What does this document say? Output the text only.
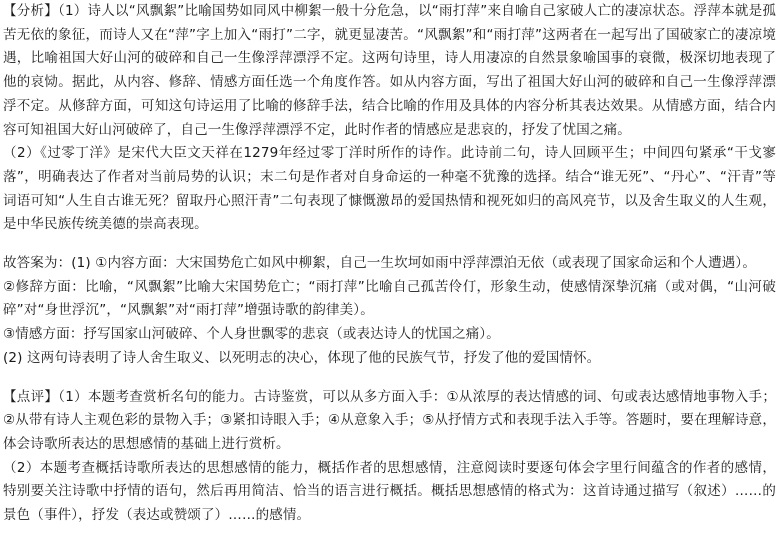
【分析】（1）诗人以“风飘絮”比喻国势如同风中柳絮一般十分危急，以“雨打萍”来自喻自己家破人亡的凄凉状态。浮萍本就是孤苦无依的象征，而诗人又在“萍”字上加入“雨打”二字，就更显凄苦。“风飘絮”和“雨打萍”这两者在一起写出了国破家亡的凄凉境遇，比喻祖国大好山河的破碎和自己一生像浮萍漂浮不定。这两句诗里，诗人用凄凉的自然景象喻国事的衰微，极深切地表现了他的哀恸。据此，从内容、修辞、情感方面任选一个角度作答。如从内容方面，写出了祖国大好山河的破碎和自己一生像浮萍漂浮不定。从修辞方面，可知这句诗运用了比喻的修辞手法，结合比喻的作用及具体的内容分析其表达效果。从情感方面，结合内容可知祖国大好山河破碎了，自己一生像浮萍漂浮不定，此时作者的情感应是悲哀的，抒发了忧国之痛。

（2）《过零丁洋》是宋代大臣文天祥在1279年经过零丁洋时所作的诗作。此诗前二句，诗人回顾平生；中间四句紧承“干戈寥落”，明确表达了作者对当前局势的认识；末二句是作者对自身命运的一种毫不犹豫的选择。结合“谁无死”、“丹心”、“汗青”等词语可知“人生自古谁无死？留取丹心照汗青”二句表现了慷慨激昂的爱国热情和视死如归的高风亮节，以及舍生取义的人生观，是中华民族传统美德的崇高表现。

故答案为：(1) ①内容方面：大宋国势危亡如风中柳絮，自己一生坎坷如雨中浮萍漂泊无依（或表现了国家命运和个人遭遇）。

②修辞方面：比喻，“风飘絮”比喻大宋国势危亡；“雨打萍”比喻自己孤苦伶仃，形象生动，使感情深挚沉痛（或对偶，“山河破碎”对“身世浮沉”，“风飘絮”对“雨打萍”增强诗歌的韵律美）。

③情感方面：抒写国家山河破碎、个人身世飘零的悲哀（或表达诗人的忧国之痛）。

(2) 这两句诗表明了诗人舍生取义、以死明志的决心，体现了他的民族气节，抒发了他的爱国情怀。

【点评】（1）本题考查赏析名句的能力。古诗鉴赏，可以从多方面入手：①从浓厚的表达情感的词、句或表达感情地事物入手；②从带有诗人主观色彩的景物入手；③紧扣诗眼入手；④从意象入手；⑤从抒情方式和表现手法入手等。答题时，要在理解诗意，体会诗歌所表达的思想感情的基础上进行赏析。

（2）本题考查概括诗歌所表达的思想感情的能力，概括作者的思想感情，注意阅读时要逐句体会字里行间蕴含的作者的感情，特别要关注诗歌中抒情的语句，然后再用简洁、恰当的语言进行概括。概括思想感情的格式为：这首诗通过描写（叙述）……的景色（事件），抒发（表达或赞颂了）……的感情。
